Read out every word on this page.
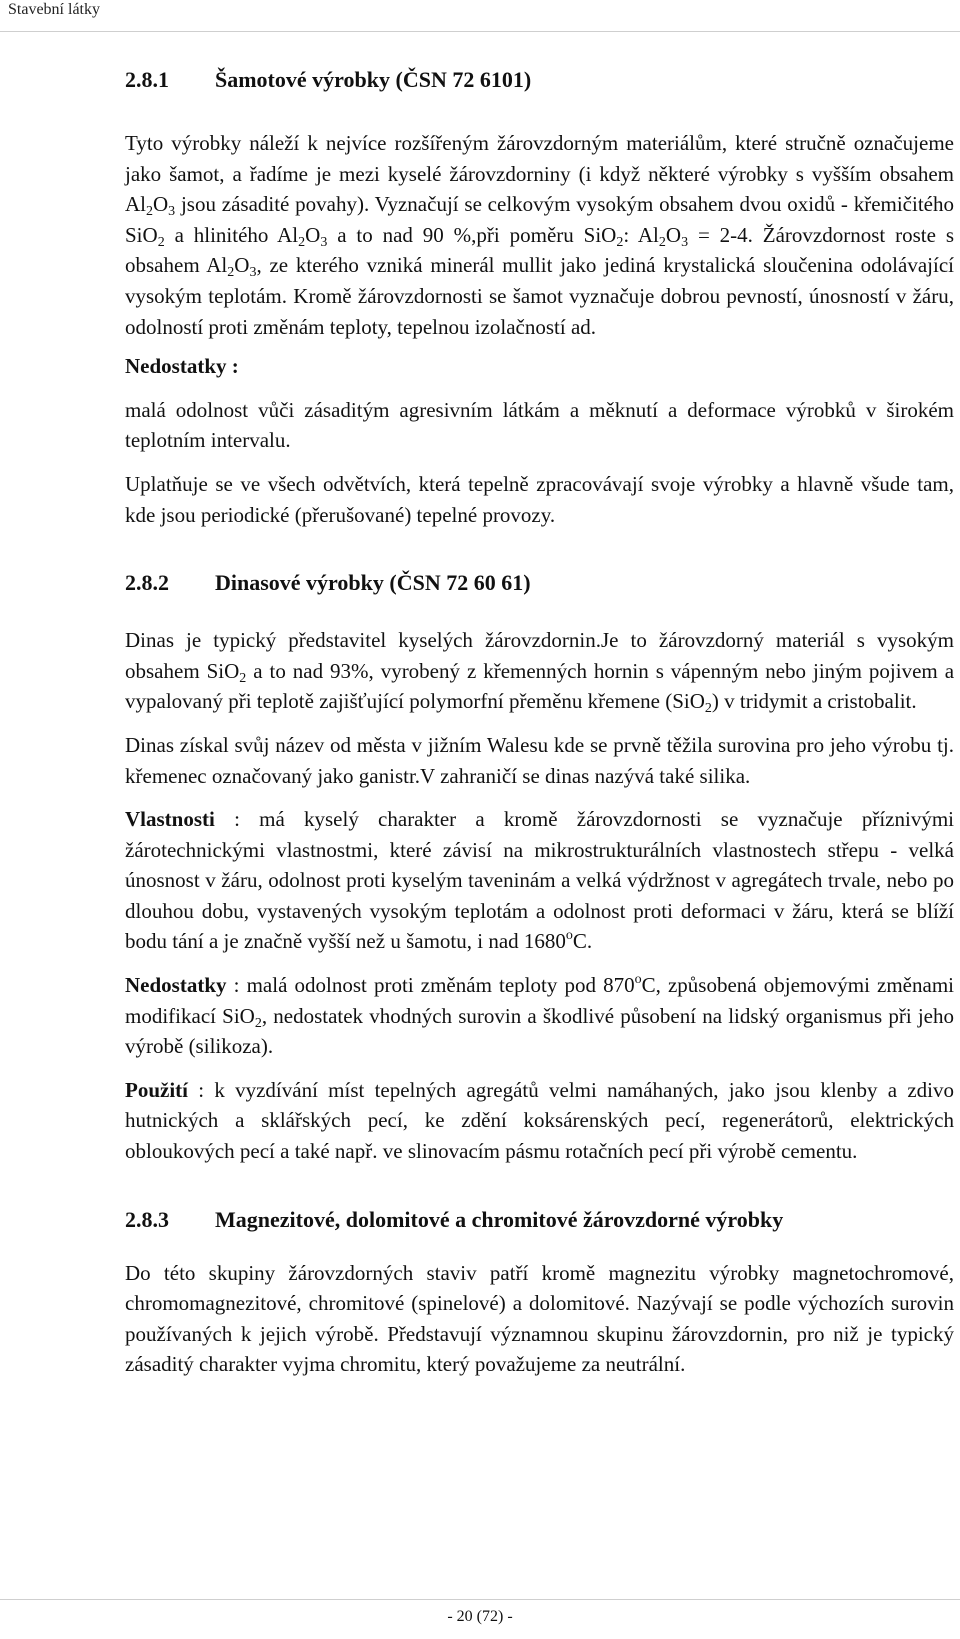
Stavební látky
2.8.1	Šamotové výrobky (ČSN 72 6101)

Tyto výrobky náleží k nejvíce rozšířeným žárovzdorným materiálům, které stručně označujeme jako šamot, a řadíme je mezi kyselé žárovzdorniny (i když některé výrobky s vyšším obsahem $Al_2O_3$ jsou zásadité povahy). Vyznačují se celkovým vysokým obsahem dvou oxidů - křemičitého SiO$_2$ a hlinitého $Al_2O_3$ a to nad 90 %,při poměru SiO$_2$: $Al_2O_3 = 2-4$. Žárovzdornost roste s obsahem $Al_2O_3$, ze kterého vzniká minerál mullit jako jediná krystalická sloučenina odolávající vysokým teplotám. Kromě žárovzdornosti se šamot vyznačuje dobrou pevností, únosností v žáru, odolností proti změnám teploty, tepelnou izolačností ad.

Nedostatky :

malá odolnost vůči zásaditým agresivním látkám a měknutí a deformace výrobků v širokém teplotním intervalu.

Uplatňuje se ve všech odvětvích, která tepelně zpracovávají svoje výrobky a hlavně všude tam, kde jsou periodické (přerušované) tepelné provozy.

2.8.2	Dinasové výrobky (ČSN 72 60 61)

Dinas je typický představitel kyselých žárovzdornin.Je to žárovzdorný materiál s vysokým obsahem SiO$_2$ a to nad 93%, vyrobený z křemenných hornin s vápenným nebo jiným pojivem a vypalovaný při teplotě zajišťující polymorfní přeměnu křemene (SiO$_2$) v tridymit a cristobalit.

Dinas získal svůj název od města v jižním Walesu kde se prvně těžila surovina pro jeho výrobu tj. křemenec označovaný jako ganistr.V zahraničí se dinas nazývá také silika.

Vlastnosti : má kyselý charakter a kromě žárovzdornosti se vyznačuje příznivými žárotechnickými vlastnostmi, které závisí na mikrostrukturálních vlastnostech střepu - velká únosnost v žáru, odolnost proti kyselým taveninám a velká výdržnost v agregátech trvale, nebo po dlouhou dobu, vystavených vysokým teplotám a odolnost proti deformaci v žáru, která se blíží bodu tání a je značně vyšší než u šamotu, i nad 1680$^o$C.

Nedostatky : malá odolnost proti změnám teploty pod 870$^o$C, způsobená objemovými změnami modifikací SiO$_2$, nedostatek vhodných surovin a škodlivé působení na lidský organismus při jeho výrobě (silikoza).

Použití : k vyzdívání míst tepelných agregátů velmi namáhaných, jako jsou klenby a zdivo hutnických a sklářských pecí, ke zdění koksárenských pecí, regenerátorů, elektrických obloukových pecí a také např. ve slinovacím pásmu rotačních pecí při výrobě cementu.

2.8.3	Magnezitové, dolomitové a chromitové žárovzdorné výrobky

Do této skupiny žárovzdorných staviv patří kromě magnezitu výrobky magnetochromové, chromomagnezitové, chromitové (spinelové) a dolomitové. Nazývají se podle výchozích surovin používaných k jejich výrobě. Představují významnou skupinu žárovzdornin, pro niž je typický zásaditý charakter vyjma chromitu, který považujeme za neutrální.

- 20 (72) -
